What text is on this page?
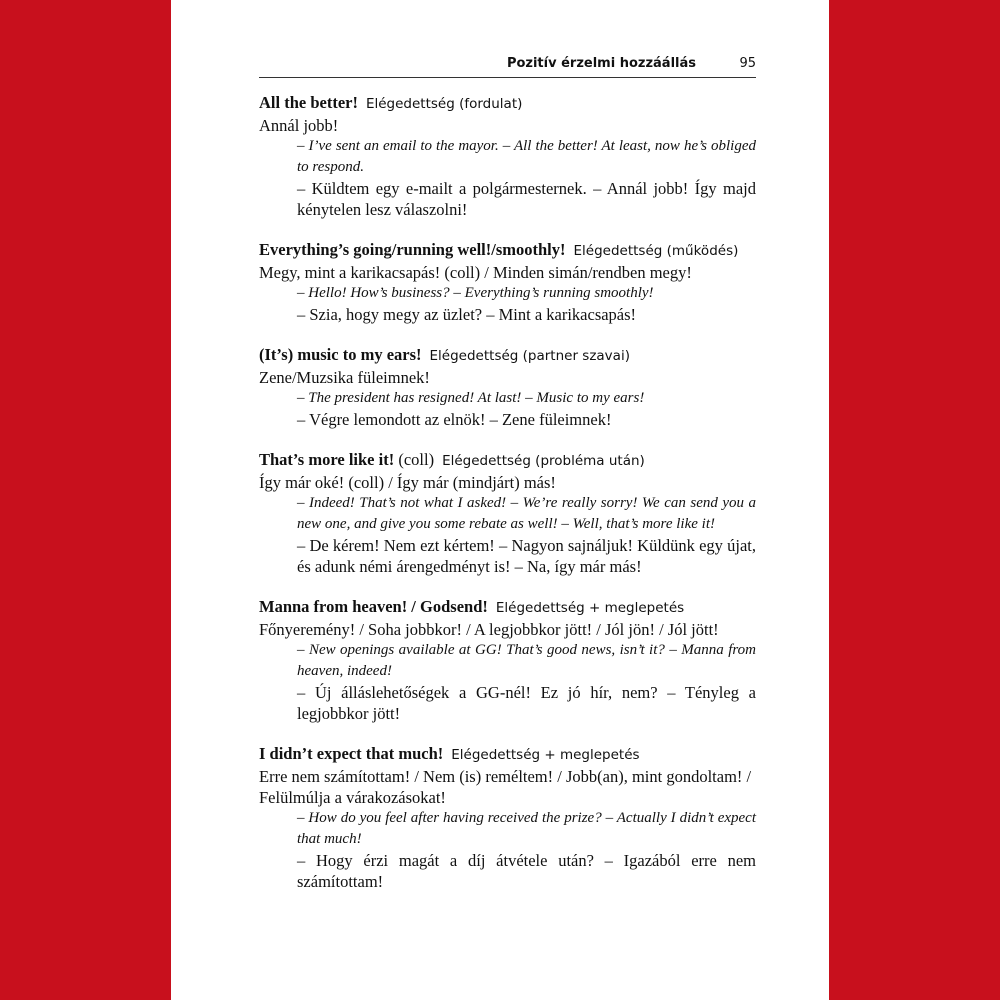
Pozitív érzelmi hozzáállás	95

All the better! Elégedettség (fordulat)

Annál jobb!

– I’ve sent an email to the mayor. – All the better! At least, now he’s obliged to respond.

– Küldtem egy e-mailt a polgármesternek. – Annál jobb! Így majd kénytelen lesz válaszolni!

Everything’s going/running well!/smoothly! Elégedettség (működés)

Megy, mint a karikacsapás! (coll) / Minden simán/rendben megy!

– Hello! How’s business? – Everything’s running smoothly!

– Szia, hogy megy az üzlet? – Mint a karikacsapás!

(It’s) music to my ears! Elégedettség (partner szavai)

Zene/Muzsika füleimnek!

– The president has resigned! At last! – Music to my ears!

– Végre lemondott az elnök! – Zene füleimnek!

That’s more like it! (coll) Elégedettség (probléma után)

Így már oké! (coll) / Így már (mindjárt) más!

– Indeed! That’s not what I asked! – We’re really sorry! We can send you a new one, and give you some rebate as well! – Well, that’s more like it!

– De kérem! Nem ezt kértem! – Nagyon sajnáljuk! Küldünk egy újat, és adunk némi árengedményt is! – Na, így már más!

Manna from heaven! / Godsend! Elégedettség + meglepetés

Főnyeremény! / Soha jobbkor! / A legjobbkor jött! / Jól jön! / Jól jött!

– New openings available at GG! That’s good news, isn’t it? – Manna from heaven, indeed!

– Új álláslehetőségek a GG-nél! Ez jó hír, nem? – Tényleg a legjobbkor jött!

I didn’t expect that much! Elégedettség + meglepetés

Erre nem számítottam! / Nem (is) reméltem! / Jobb(an), mint gondoltam! / Felülmúlja a várakozásokat!

– How do you feel after having received the prize? – Actually I didn’t expect that much!

– Hogy érzi magát a díj átvétele után? – Igazából erre nem számítottam!
